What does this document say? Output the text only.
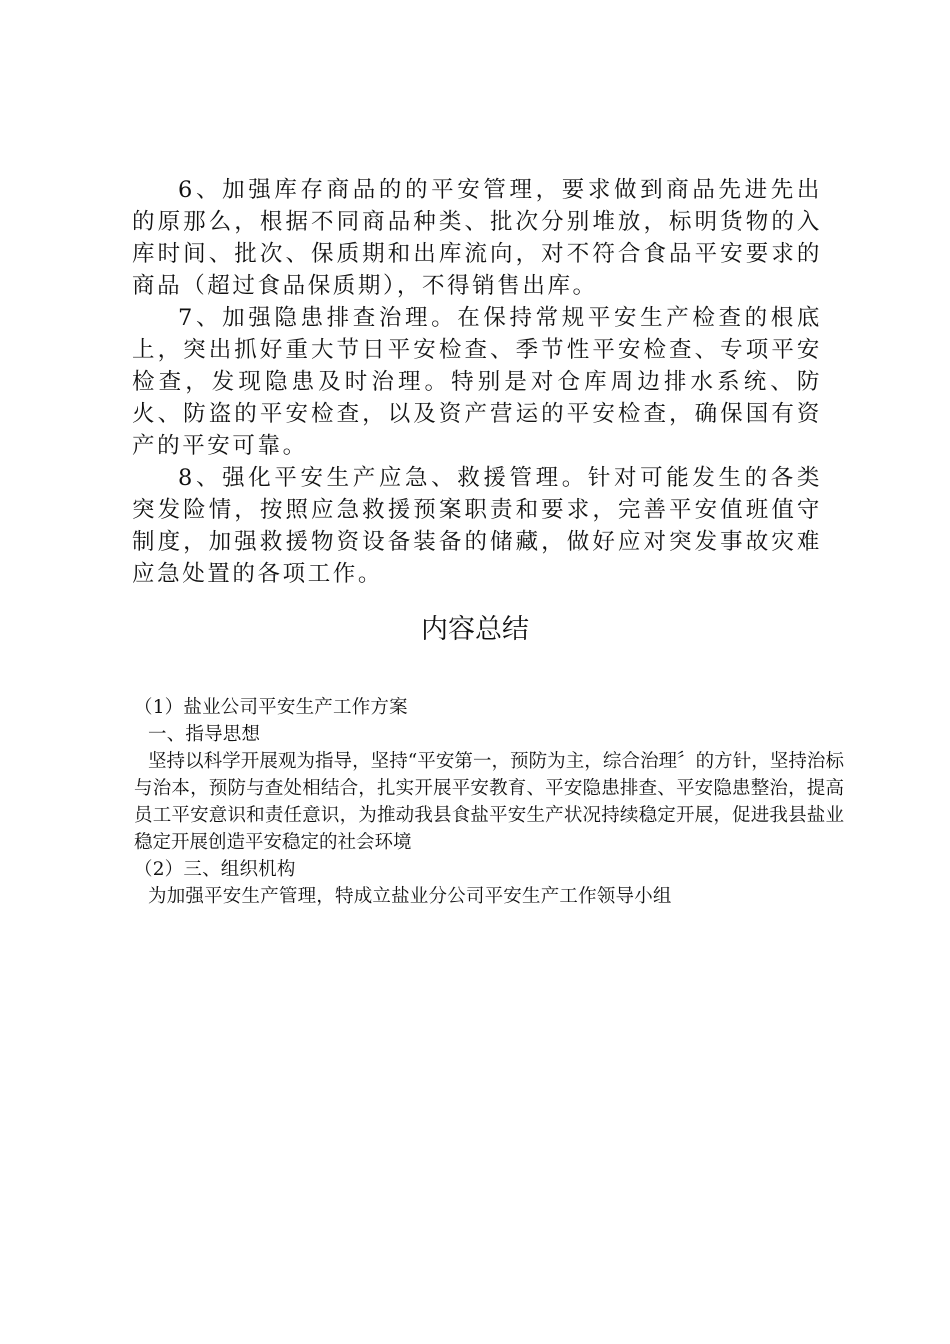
6、加强库存商品的的平安管理，要求做到商品先进先出的原那么，根据不同商品种类、批次分别堆放，标明货物的入库时间、批次、保质期和出库流向，对不符合食品平安要求的商品（超过食品保质期），不得销售出库。

7、加强隐患排查治理。在保持常规平安生产检查的根底上，突出抓好重大节日平安检查、季节性平安检查、专项平安检查，发现隐患及时治理。特别是对仓库周边排水系统、防火、防盗的平安检查，以及资产营运的平安检查，确保国有资产的平安可靠。

8、强化平安生产应急、救援管理。针对可能发生的各类突发险情，按照应急救援预案职责和要求，完善平安值班值守制度，加强救援物资设备装备的储藏，做好应对突发事故灾难应急处置的各项工作。

内容总结

（1）盐业公司平安生产工作方案

一、指导思想

坚持以科学开展观为指导，坚持“平安第一，预防为主，综合治理〞的方针，坚持治标与治本，预防与查处相结合，扎实开展平安教育、平安隐患排查、平安隐患整治，提高员工平安意识和责任意识，为推动我县食盐平安生产状况持续稳定开展，促进我县盐业稳定开展创造平安稳定的社会环境

（2）三、组织机构

为加强平安生产管理，特成立盐业分公司平安生产工作领导小组
